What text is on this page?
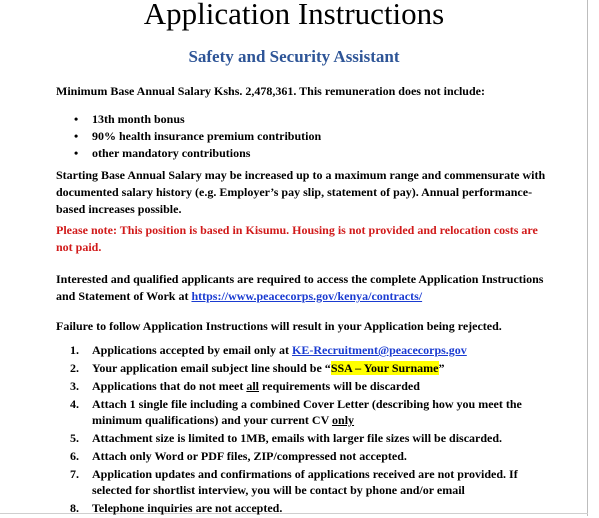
Application Instructions
Safety and Security Assistant

Minimum Base Annual Salary Kshs. 2,478,361. This remuneration does not include:

• 13th month bonus
• 90% health insurance premium contribution
• other mandatory contributions

Starting Base Annual Salary may be increased up to a maximum range and commensurate with documented salary history (e.g. Employer’s pay slip, statement of pay). Annual performance-based increases possible.

Please note: This position is based in Kisumu. Housing is not provided and relocation costs are not paid.

Interested and qualified applicants are required to access the complete Application Instructions and Statement of Work at https://www.peacecorps.gov/kenya/contracts/

Failure to follow Application Instructions will result in your Application being rejected.

1. Applications accepted by email only at KE-Recruitment@peacecorps.gov
2. Your application email subject line should be “SSA – Your Surname”
3. Applications that do not meet all requirements will be discarded
4. Attach 1 single file including a combined Cover Letter (describing how you meet the minimum qualifications) and your current CV only
5. Attachment size is limited to 1MB, emails with larger file sizes will be discarded.
6. Attach only Word or PDF files, ZIP/compressed not accepted.
7. Application updates and confirmations of applications received are not provided. If selected for shortlist interview, you will be contact by phone and/or email
8. Telephone inquiries are not accepted.
